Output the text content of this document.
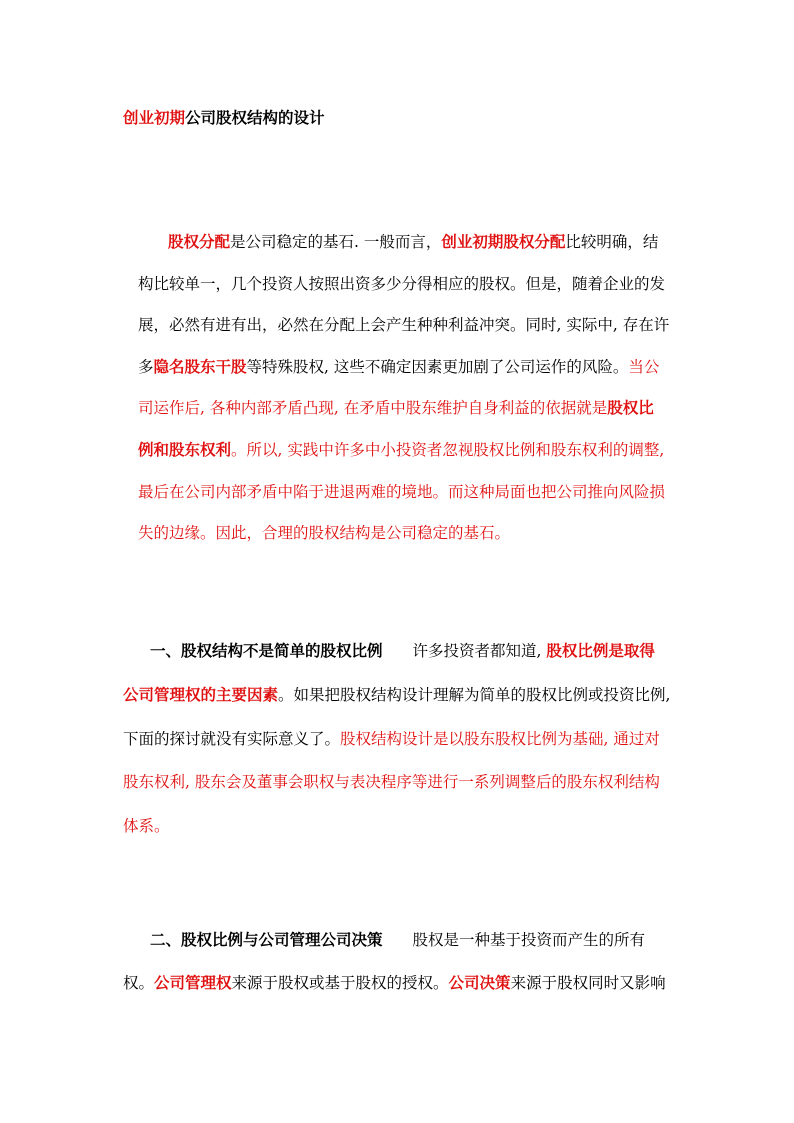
创业初期公司股权结构的设计
股权分配是公司稳定的基石. 一般而言，创业初期股权分配比较明确，结
构比较单一，几个投资人按照出资多少分得相应的股权。但是，随着企业的发
展，必然有进有出，必然在分配上会产生种种利益冲突。同时, 实际中, 存在许
多隐名股东干股等特殊股权, 这些不确定因素更加剧了公司运作的风险。当公
司运作后, 各种内部矛盾凸现, 在矛盾中股东维护自身利益的依据就是股权比
例和股东权利。所以, 实践中许多中小投资者忽视股权比例和股东权利的调整,
最后在公司内部矛盾中陷于进退两难的境地。而这种局面也把公司推向风险损
失的边缘。因此，合理的股权结构是公司稳定的基石。
一、股权结构不是简单的股权比例 许多投资者都知道, 股权比例是取得
公司管理权的主要因素。如果把股权结构设计理解为简单的股权比例或投资比例,
下面的探讨就没有实际意义了。股权结构设计是以股东股权比例为基础, 通过对
股东权利, 股东会及董事会职权与表决程序等进行一系列调整后的股东权利结构
体系。
二、股权比例与公司管理公司决策 股权是一种基于投资而产生的所有
权。公司管理权来源于股权或基于股权的授权。公司决策来源于股权同时又影响
